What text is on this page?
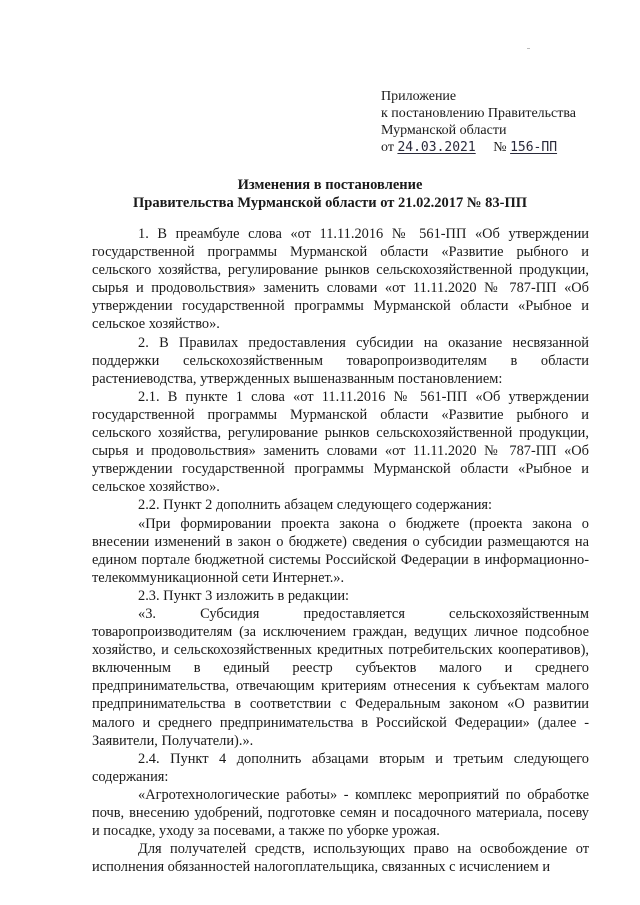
Приложение
к постановлению Правительства
Мурманской области
от 24.03.2021 № 156-ПП
Изменения в постановление
Правительства Мурманской области от 21.02.2017 № 83-ПП

1. В преамбуле слова «от 11.11.2016 № 561-ПП «Об утверждении государственной программы Мурманской области «Развитие рыбного и сельского хозяйства, регулирование рынков сельскохозяйственной продукции, сырья и продовольствия» заменить словами «от 11.11.2020 № 787-ПП «Об утверждении государственной программы Мурманской области «Рыбное и сельское хозяйство».

2. В Правилах предоставления субсидии на оказание несвязанной поддержки сельскохозяйственным товаропроизводителям в области растениеводства, утвержденных вышеназванным постановлением:

2.1. В пункте 1 слова «от 11.11.2016 № 561-ПП «Об утверждении государственной программы Мурманской области «Развитие рыбного и сельского хозяйства, регулирование рынков сельскохозяйственной продукции, сырья и продовольствия» заменить словами «от 11.11.2020 № 787-ПП «Об утверждении государственной программы Мурманской области «Рыбное и сельское хозяйство».

2.2. Пункт 2 дополнить абзацем следующего содержания:

«При формировании проекта закона о бюджете (проекта закона о внесении изменений в закон о бюджете) сведения о субсидии размещаются на едином портале бюджетной системы Российской Федерации в информационно-телекоммуникационной сети Интернет.».

2.3. Пункт 3 изложить в редакции:

«3. Субсидия предоставляется сельскохозяйственным товаропроизводителям (за исключением граждан, ведущих личное подсобное хозяйство, и сельскохозяйственных кредитных потребительских кооперативов), включенным в единый реестр субъектов малого и среднего предпринимательства, отвечающим критериям отнесения к субъектам малого предпринимательства в соответствии с Федеральным законом «О развитии малого и среднего предпринимательства в Российской Федерации» (далее - Заявители, Получатели).».

2.4. Пункт 4 дополнить абзацами вторым и третьим следующего содержания:

«Агротехнологические работы» - комплекс мероприятий по обработке почв, внесению удобрений, подготовке семян и посадочного материала, посеву и посадке, уходу за посевами, а также по уборке урожая.

Для получателей средств, использующих право на освобождение от исполнения обязанностей налогоплательщика, связанных с исчислением и
